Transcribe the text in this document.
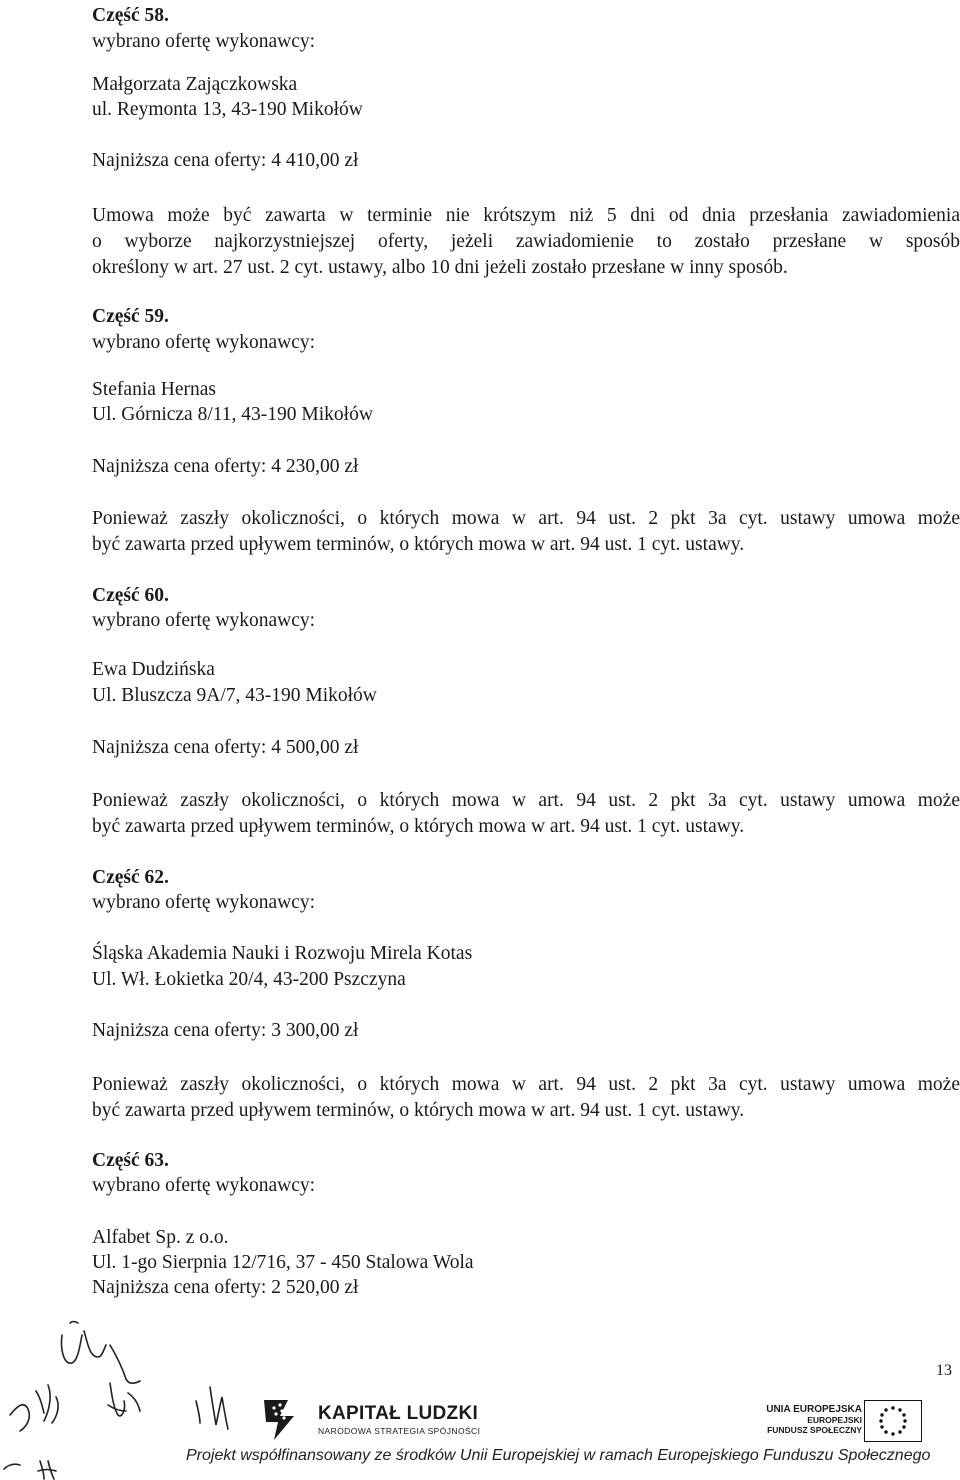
Część 58.
wybrano ofertę wykonawcy:
Małgorzata Zajączkowska
ul. Reymonta 13, 43-190 Mikołów
Najniższa cena oferty: 4 410,00 zł
Umowa może być zawarta w terminie nie krótszym niż 5 dni od dnia przesłania zawiadomienia
o wyborze najkorzystniejszej oferty, jeżeli zawiadomienie to zostało przesłane w sposób
określony w art. 27 ust. 2 cyt. ustawy, albo 10 dni jeżeli zostało przesłane w inny sposób.
Część 59.
wybrano ofertę wykonawcy:
Stefania Hernas
Ul. Górnicza 8/11, 43-190 Mikołów
Najniższa cena oferty: 4 230,00 zł
Ponieważ zaszły okoliczności, o których mowa w art. 94 ust. 2 pkt 3a cyt. ustawy umowa może
być zawarta przed upływem terminów, o których mowa w art. 94 ust. 1 cyt. ustawy.
Część 60.
wybrano ofertę wykonawcy:
Ewa Dudzińska
Ul. Bluszcza 9A/7, 43-190 Mikołów
Najniższa cena oferty: 4 500,00 zł
Ponieważ zaszły okoliczności, o których mowa w art. 94 ust. 2 pkt 3a cyt. ustawy umowa może
być zawarta przed upływem terminów, o których mowa w art. 94 ust. 1 cyt. ustawy.
Część 62.
wybrano ofertę wykonawcy:
Śląska Akademia Nauki i Rozwoju Mirela Kotas
Ul. Wł. Łokietka 20/4, 43-200 Pszczyna
Najniższa cena oferty: 3 300,00 zł
Ponieważ zaszły okoliczności, o których mowa w art. 94 ust. 2 pkt 3a cyt. ustawy umowa może
być zawarta przed upływem terminów, o których mowa w art. 94 ust. 1 cyt. ustawy.
Część 63.
wybrano ofertę wykonawcy:
Alfabet Sp. z o.o.
Ul. 1-go Sierpnia 12/716, 37 - 450 Stalowa Wola
Najniższa cena oferty: 2 520,00 zł
KAPITAŁ LUDZKI
NARODOWA STRATEGIA SPÓJNOŚCI
UNIA EUROPEJSKA
EUROPEJSKI
FUNDUSZ SPOŁECZNY
13
Projekt współfinansowany ze środków Unii Europejskiej w ramach Europejskiego Funduszu Społecznego
